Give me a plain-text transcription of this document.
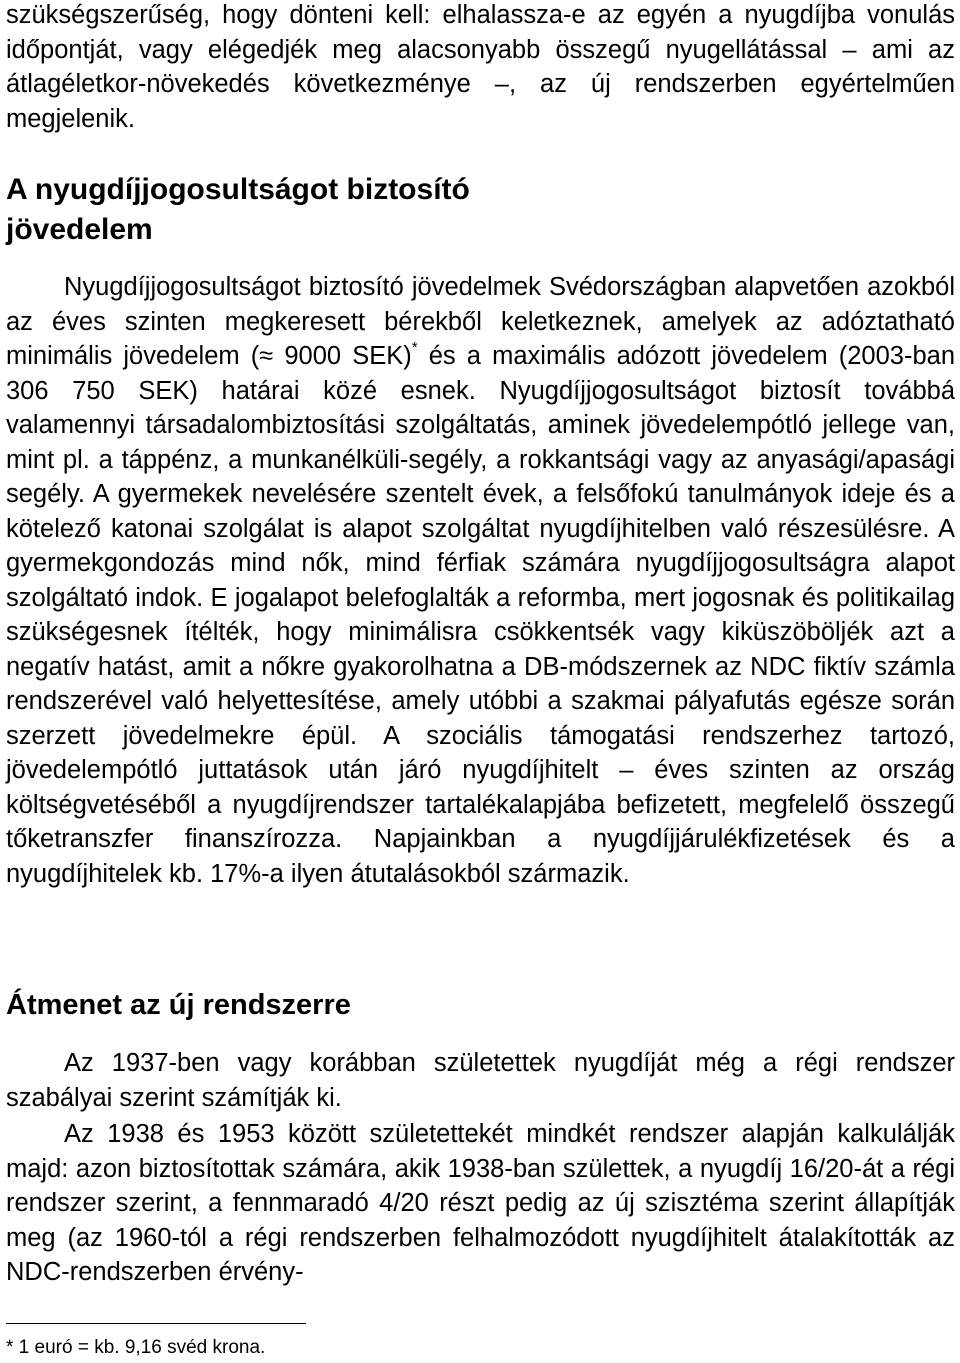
szükségszerűség, hogy dönteni kell: elhalassza-e az egyén a nyugdíjba vonulás időpontját, vagy elégedjék meg alacsonyabb összegű nyugellátással – ami az átlagéletkor-növekedés következménye –, az új rendszerben egyértelműen megjelenik.

A nyugdíjjogosultságot biztosító jövedelem

Nyugdíjjogosultságot biztosító jövedelmek Svédországban alapvetően azokból az éves szinten megkeresett bérekből keletkeznek, amelyek az adóztatható minimális jövedelem (≈ 9000 SEK)* és a maximális adózott jövedelem (2003-ban 306 750 SEK) határai közé esnek. Nyugdíjjogosultságot biztosít továbbá valamennyi társadalombiztosítási szolgáltatás, aminek jövedelempótló jellege van, mint pl. a táppénz, a munkanélküli-segély, a rokkantsági vagy az anyasági/apasági segély. A gyermekek nevelésére szentelt évek, a felsőfokú tanulmányok ideje és a kötelező katonai szolgálat is alapot szolgáltat nyugdíjhitelben való részesülésre. A gyermekgondozás mind nők, mind férfiak számára nyugdíjjogosultságra alapot szolgáltató indok. E jogalapot belefoglalták a reformba, mert jogosnak és politikailag szükségesnek ítélték, hogy minimálisra csökkentsék vagy kiküszöböljék azt a negatív hatást, amit a nőkre gyakorolhatna a DB-módszernek az NDC fiktív számla rendszerével való helyettesítése, amely utóbbi a szakmai pályafutás egésze során szerzett jövedelmekre épül. A szociális támogatási rendszerhez tartozó, jövedelempótló juttatások után járó nyugdíjhitelt – éves szinten az ország költségvetéséből a nyugdíjrendszer tartalékalapjába befizetett, megfelelő összegű tőketranszfer finanszírozza. Napjainkban a nyugdíjjárulékfizetések és a nyugdíjhitelek kb. 17%-a ilyen átutalásokból származik.

Átmenet az új rendszerre

Az 1937-ben vagy korábban születettek nyugdíját még a régi rendszer szabályai szerint számítják ki.

Az 1938 és 1953 között születettekét mindkét rendszer alapján kalkulálják majd: azon biztosítottak számára, akik 1938-ban születtek, a nyugdíj 16/20-át a régi rendszer szerint, a fennmaradó 4/20 részt pedig az új szisztéma szerint állapítják meg (az 1960-tól a régi rendszerben felhalmozódott nyugdíjhitelt átalakították az NDC-rendszerben érvény-

* 1 euró = kb. 9,16 svéd krona.
